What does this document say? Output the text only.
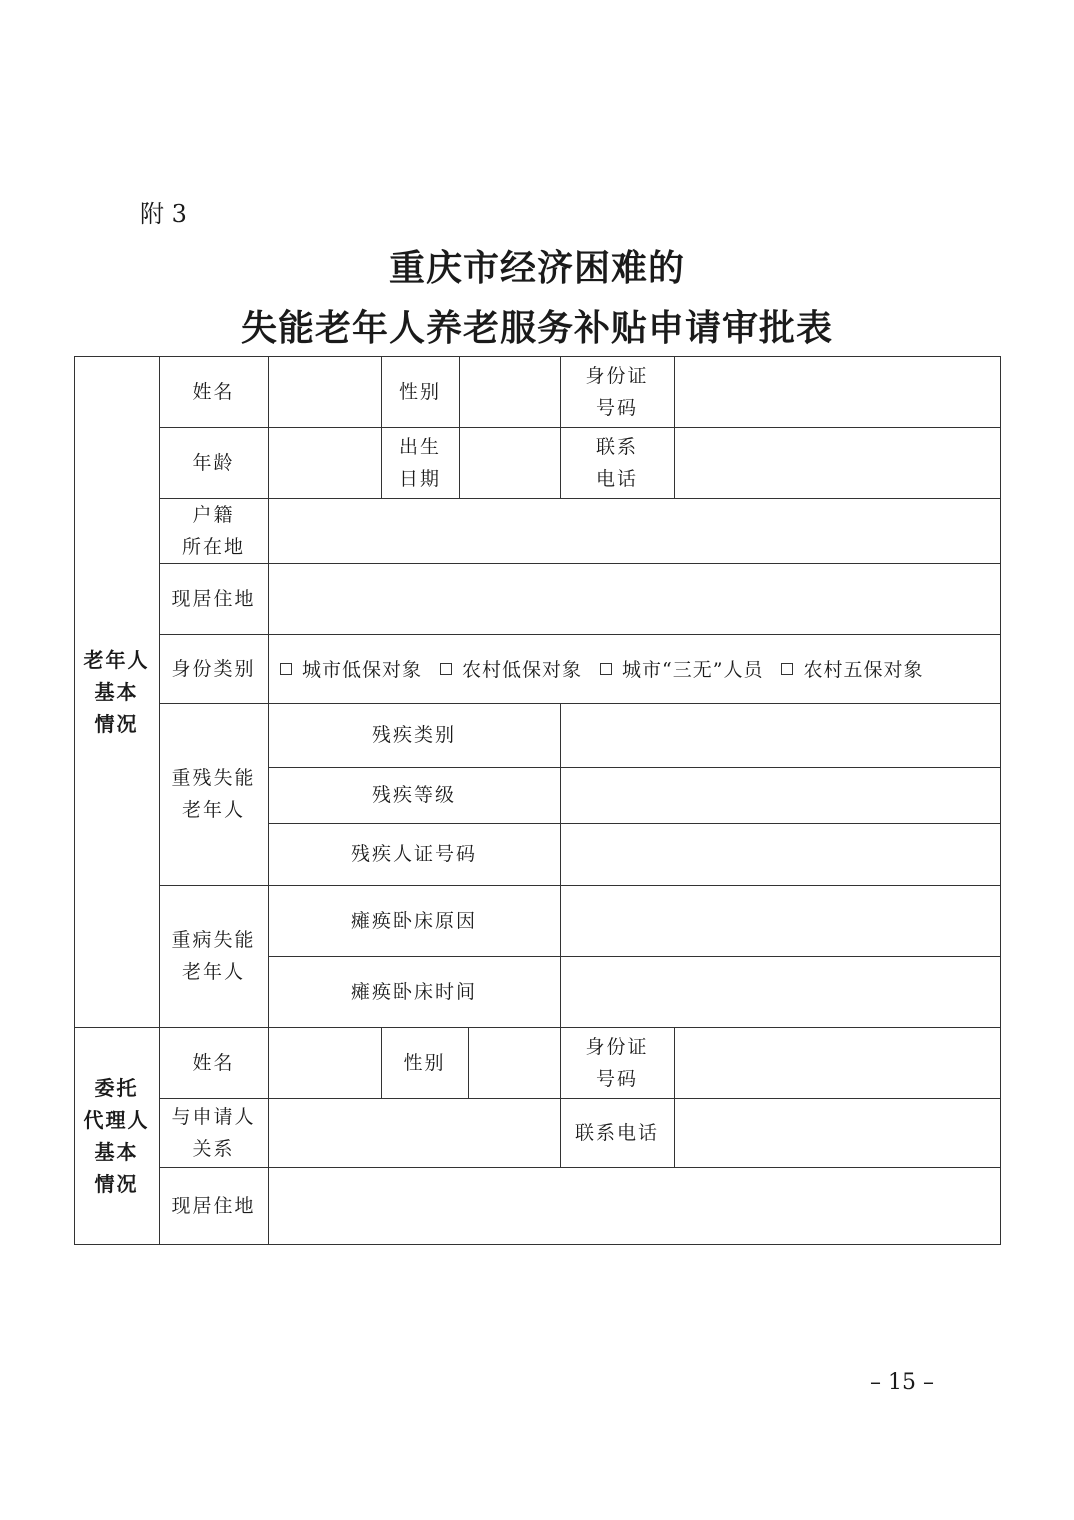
附 3
重庆市经济困难的
失能老年人养老服务补贴申请审批表
老年人
基本
情况
姓名	性别
身份证
号码
年龄
出生
日期
联系
电话
户籍
所在地
现居住地
身份类别
重残失能
老年人
残疾类别
残疾等级
残疾人证号码
重病失能
老年人
瘫痪卧床原因
瘫痪卧床时间
委托
代理人
基本
情况
姓名	性别
身份证
号码
与申请人
关系
联系电话
现居住地
城市低保对象 农村低保对象 城市“三无”人员 农村五保对象
– 15 –
